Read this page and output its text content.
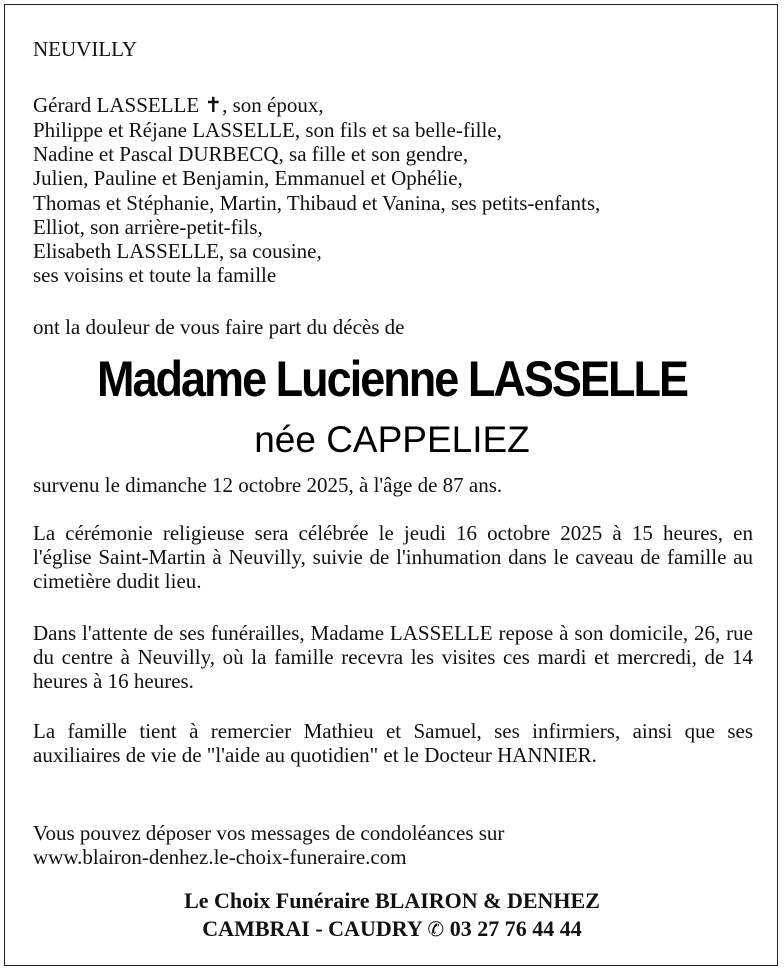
NEUVILLY
Gérard LASSELLE ✝, son époux,
Philippe et Réjane LASSELLE, son fils et sa belle-fille,
Nadine et Pascal DURBECQ, sa fille et son gendre,
Julien, Pauline et Benjamin, Emmanuel et Ophélie,
Thomas et Stéphanie, Martin, Thibaud et Vanina, ses petits-enfants,
Elliot, son arrière-petit-fils,
Elisabeth LASSELLE, sa cousine,
ses voisins et toute la famille
ont la douleur de vous faire part du décès de
Madame Lucienne LASSELLE
née CAPPELIEZ
survenu le dimanche 12 octobre 2025, à l'âge de 87 ans.
La cérémonie religieuse sera célébrée le jeudi 16 octobre 2025 à 15 heures, en l'église Saint-Martin à Neuvilly, suivie de l'inhumation dans le caveau de famille au cimetière dudit lieu.
Dans l'attente de ses funérailles, Madame LASSELLE repose à son domicile, 26, rue du centre à Neuvilly, où la famille recevra les visites ces mardi et mercredi, de 14 heures à 16 heures.
La famille tient à remercier Mathieu et Samuel, ses infirmiers, ainsi que ses auxiliaires de vie de "l'aide au quotidien" et le Docteur HANNIER.
Vous pouvez déposer vos messages de condoléances sur
www.blairon-denhez.le-choix-funeraire.com
Le Choix Funéraire BLAIRON & DENHEZ
CAMBRAI - CAUDRY ✆ 03 27 76 44 44
